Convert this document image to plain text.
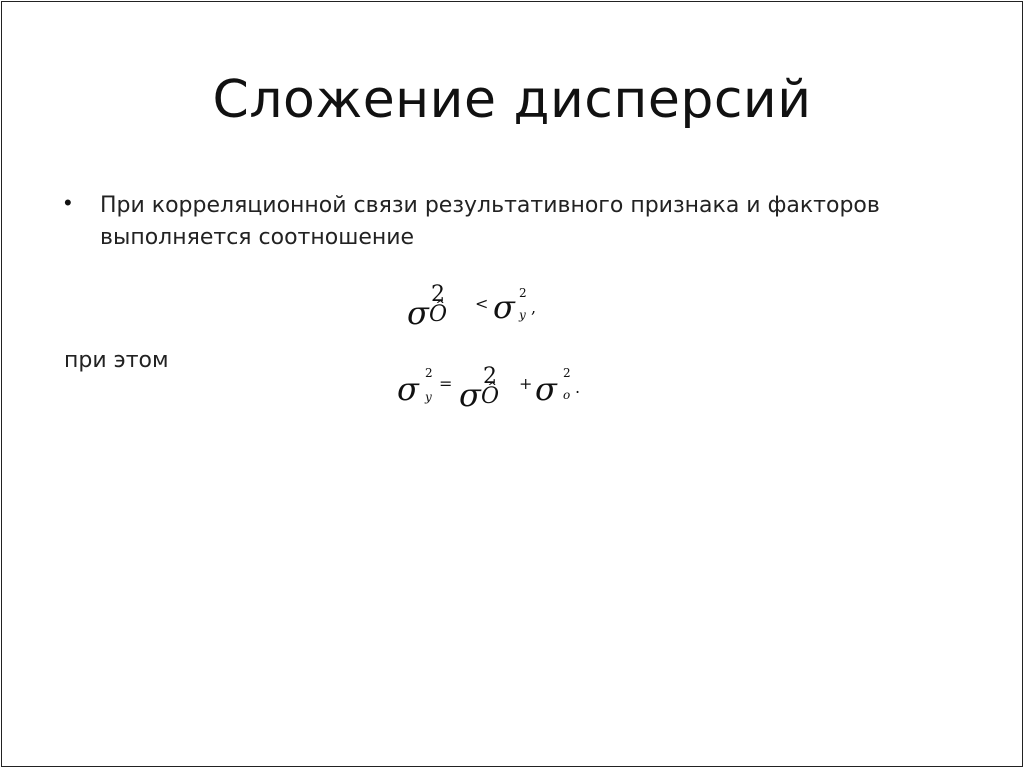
Сложение дисперсий
• При корреляционной связи результативного признака и факторов выполняется соотношение
σ 2
Ô < σ 2
y ,
при этом
σ 2
y
= σ 2
Ô
+ σ 2
o .
